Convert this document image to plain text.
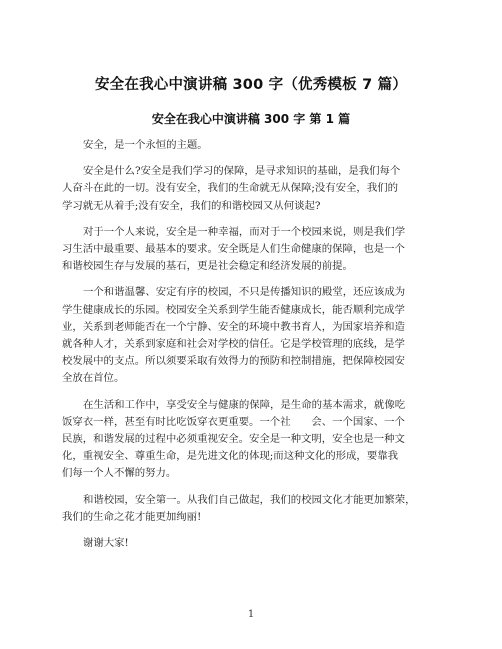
安全在我心中演讲稿 300 字（优秀模板 7 篇）
安全在我心中演讲稿 300 字 第 1 篇
安全，是一个永恒的主题。
安全是什么?安全是我们学习的保障，是寻求知识的基础，是我们每个
人奋斗在此的一切。没有安全，我们的生命就无从保障;没有安全，我们的
学习就无从着手;没有安全，我们的和谐校园又从何谈起?
对于一个人来说，安全是一种幸福，而对于一个校园来说，则是我们学
习生活中最重要、最基本的要求。安全既是人们生命健康的保障，也是一个
和谐校园生存与发展的基石，更是社会稳定和经济发展的前提。
一个和谐温馨、安定有序的校园，不只是传播知识的殿堂，还应该成为
学生健康成长的乐园。校园安全关系到学生能否健康成长，能否顺利完成学
业，关系到老师能否在一个宁静、安全的环境中教书育人，为国家培养和造
就各种人才，关系到家庭和社会对学校的信任。它是学校管理的底线，是学
校发展中的支点。所以须要采取有效得力的预防和控制措施，把保障校园安
全放在首位。
在生活和工作中，享受安全与健康的保障，是生命的基本需求，就像吃
饭穿衣一样，甚至有时比吃饭穿衣更重要。一个社　　会、一个国家、一个
民族，和谐发展的过程中必须重视安全。安全是一种文明，安全也是一种文
化，重视安全、尊重生命，是先进文化的体现;而这种文化的形成，要靠我
们每一个人不懈的努力。
和谐校园，安全第一。从我们自己做起，我们的校园文化才能更加繁荣，
我们的生命之花才能更加绚丽!
谢谢大家!
1
